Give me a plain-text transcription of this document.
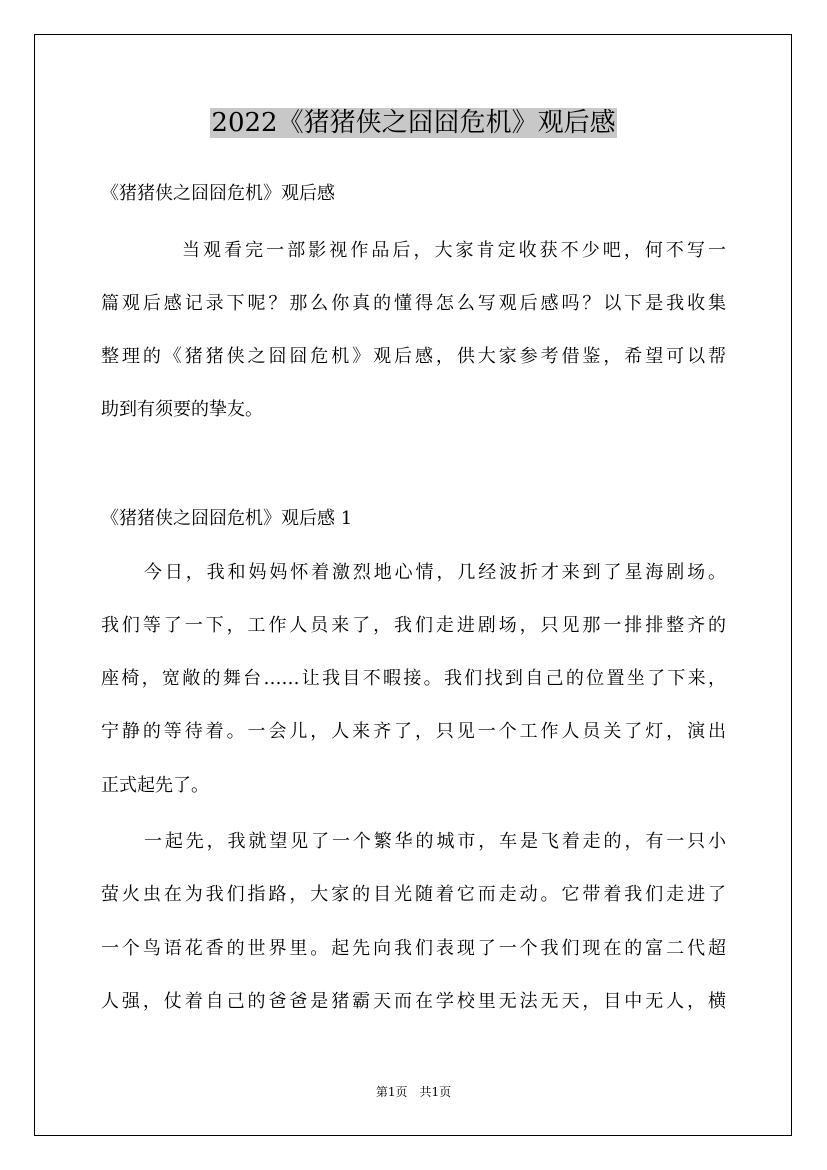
2022《猪猪侠之囧囧危机》观后感
《猪猪侠之囧囧危机》观后感
当观看完一部影视作品后，大家肯定收获不少吧，何不写一
篇观后感记录下呢？那么你真的懂得怎么写观后感吗？以下是我收集
整理的《猪猪侠之囧囧危机》观后感，供大家参考借鉴，希望可以帮
助到有须要的挚友。
《猪猪侠之囧囧危机》观后感 1
今日，我和妈妈怀着激烈地心情，几经波折才来到了星海剧场。
我们等了一下，工作人员来了，我们走进剧场，只见那一排排整齐的
座椅，宽敞的舞台……让我目不暇接。我们找到自己的位置坐了下来，
宁静的等待着。一会儿，人来齐了，只见一个工作人员关了灯，演出
正式起先了。
一起先，我就望见了一个繁华的城市，车是飞着走的，有一只小
萤火虫在为我们指路，大家的目光随着它而走动。它带着我们走进了
一个鸟语花香的世界里。起先向我们表现了一个我们现在的富二代超
人强，仗着自己的爸爸是猪霸天而在学校里无法无天，目中无人，横
第1页　共1页
